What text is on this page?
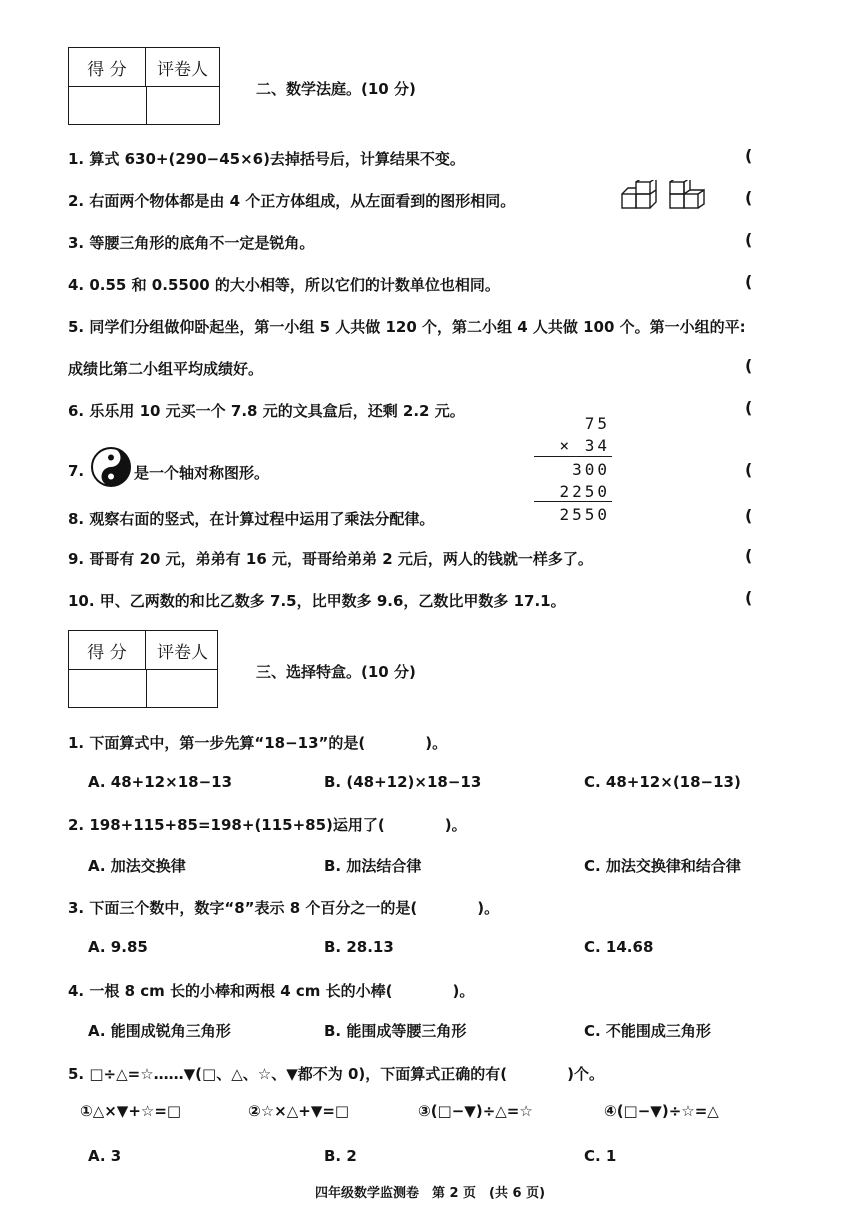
得 分	评卷人
二、数学法庭。(10 分)
1. 算式 630+(290−45×6)去掉括号后，计算结果不变。	(
2. 右面两个物体都是由 4 个正方体组成，从左面看到的图形相同。	(
3. 等腰三角形的底角不一定是锐角。	(
4. 0.55 和 0.5500 的大小相等，所以它们的计数单位也相同。	(
5. 同学们分组做仰卧起坐，第一小组 5 人共做 120 个，第二小组 4 人共做 100 个。第一小组的平:
成绩比第二小组平均成绩好。	(
6. 乐乐用 10 元买一个 7.8 元的文具盒后，还剩 2.2 元。	(
75
× 34
300
2250
2550
7.	是一个轴对称图形。	(
8. 观察右面的竖式，在计算过程中运用了乘法分配律。	(
9. 哥哥有 20 元，弟弟有 16 元，哥哥给弟弟 2 元后，两人的钱就一样多了。	(
10. 甲、乙两数的和比乙数多 7.5，比甲数多 9.6，乙数比甲数多 17.1。	(
得 分	评卷人
三、选择特盒。(10 分)
1. 下面算式中，第一步先算“18−13”的是(　　　　)。
A. 48+12×18−13	B. (48+12)×18−13	C. 48+12×(18−13)
2. 198+115+85=198+(115+85)运用了(　　　　)。
A. 加法交换律	B. 加法结合律	C. 加法交换律和结合律
3. 下面三个数中，数字“8”表示 8 个百分之一的是(　　　　)。
A. 9.85	B. 28.13	C. 14.68
4. 一根 8 cm 长的小棒和两根 4 cm 长的小棒(　　　　)。
A. 能围成锐角三角形	B. 能围成等腰三角形	C. 不能围成三角形
5. □÷△=☆……▼(□、△、☆、▼都不为 0)，下面算式正确的有(　　　　)个。
①△×▼+☆=□	②☆×△+▼=□	③(□−▼)÷△=☆	④(□−▼)÷☆=△
A. 3	B. 2	C. 1
四年级数学监测卷　第 2 页　(共 6 页)
